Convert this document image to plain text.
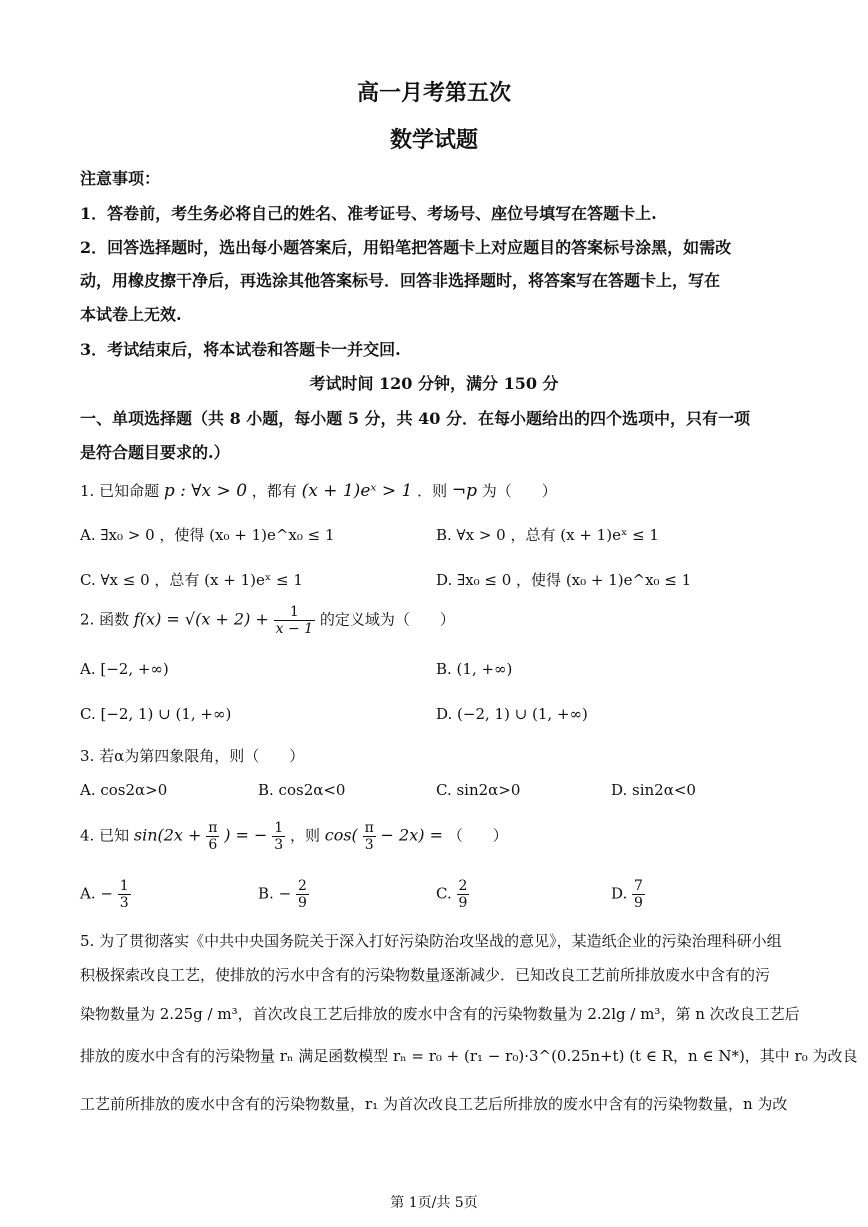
高一月考第五次
数学试题
注意事项：
1．答卷前，考生务必将自己的姓名、准考证号、考场号、座位号填写在答题卡上.
2．回答选择题时，选出每小题答案后，用铅笔把答题卡上对应题目的答案标号涂黑，如需改
动，用橡皮擦干净后，再选涂其他答案标号．回答非选择题时，将答案写在答题卡上，写在
本试卷上无效.
3．考试结束后，将本试卷和答题卡一并交回.
考试时间 120 分钟，满分 150 分
一、单项选择题（共 8 小题，每小题 5 分，共 40 分．在每小题给出的四个选项中，只有一项
是符合题目要求的.）
1. 已知命题 p : ∀x > 0 ，都有 (x + 1)eˣ > 1 ．则 ¬p 为（　　）
A. ∃x₀ > 0 ，使得 (x₀ + 1)e^x₀ ≤ 1	B. ∀x > 0 ，总有 (x + 1)eˣ ≤ 1
C. ∀x ≤ 0 ，总有 (x + 1)eˣ ≤ 1	D. ∃x₀ ≤ 0 ，使得 (x₀ + 1)e^x₀ ≤ 1
2. 函数 $f(x) = √(x + 2) + \frac{1}{x - 1}$ 的定义域为（　　）
A. [−2, +∞)	B. (1, +∞)
C. [−2, 1) ∪ (1, +∞)	D. (−2, 1) ∪ (1, +∞)
3. 若α为第四象限角，则（　　）
A. cos2α>0	B. cos2α<0	C. sin2α>0	D. sin2α<0
4. 已知 $\sin(2x + \frac{\pi}{6}$ ) = − $\frac{1}{3}$ ，则 $\cos( \frac{\pi}{3} - 2x)$ = （　　）
A. − $\frac{1}{3}$	B. − $\frac{2}{9}$	C. $\frac{2}{9}$	D. $\frac{7}{9}$
5. 为了贯彻落实《中共中央国务院关于深入打好污染防治攻坚战的意见》，某造纸企业的污染治理科研小组
积极探索改良工艺，使排放的污水中含有的污染物数量逐渐减少．已知改良工艺前所排放废水中含有的污
染物数量为 2.25g / m³，首次改良工艺后排放的废水中含有的污染物数量为 2.2lg / m³，第 n 次改良工艺后
排放的废水中含有的污染物量 rₙ 满足函数模型 rₙ = r₀ + (r₁ − r₀)·3^(0.25n+t) (t ∈ R，n ∈ N*)，其中 r₀ 为改良
工艺前所排放的废水中含有的污染物数量，r₁ 为首次改良工艺后所排放的废水中含有的污染物数量，n 为改
第 1页/共 5页
